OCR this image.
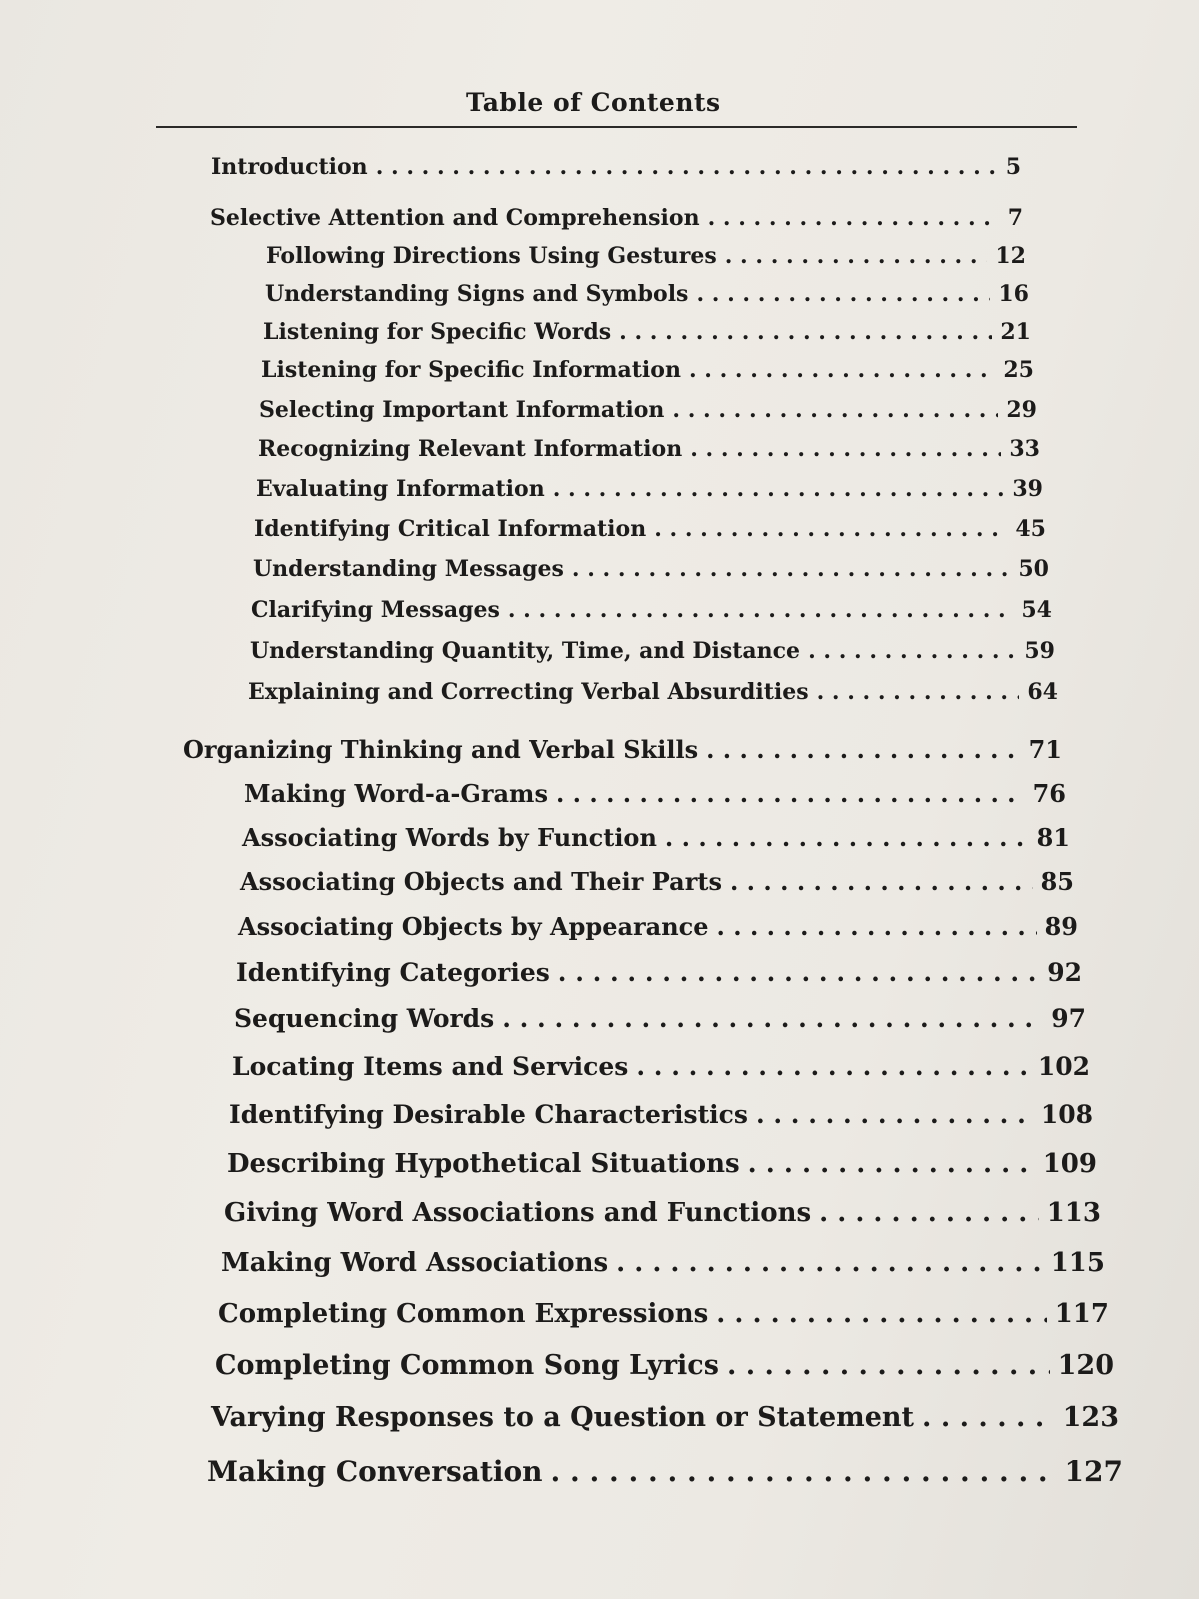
Table of Contents
Introduction . . .	5
Selective Attention and Comprehension . . .	7
Following Directions Using Gestures . . .	12
Understanding Signs and Symbols . . .	16
Listening for Specific Words . . .	21
Listening for Specific Information . . .	25
Selecting Important Information . . .	29
Recognizing Relevant Information . . .	33
Evaluating Information . . .	39
Identifying Critical Information . . .	45
Understanding Messages . . .	50
Clarifying Messages . . .	54
Understanding Quantity, Time, and Distance . . .	59
Explaining and Correcting Verbal Absurdities . . .	64
Organizing Thinking and Verbal Skills . . .	71
Making Word-a-Grams . . .	76
Associating Words by Function . . .	81
Associating Objects and Their Parts . . .	85
Associating Objects by Appearance . . .	89
Identifying Categories . . .	92
Sequencing Words . . .	97
Locating Items and Services . . .	102
Identifying Desirable Characteristics . . .	108
Describing Hypothetical Situations . . .	109
Giving Word Associations and Functions . . .	113
Making Word Associations . . .	115
Completing Common Expressions . . .	117
Completing Common Song Lyrics . . .	120
Varying Responses to a Question or Statement . . .	123
Making Conversation . . .	127
